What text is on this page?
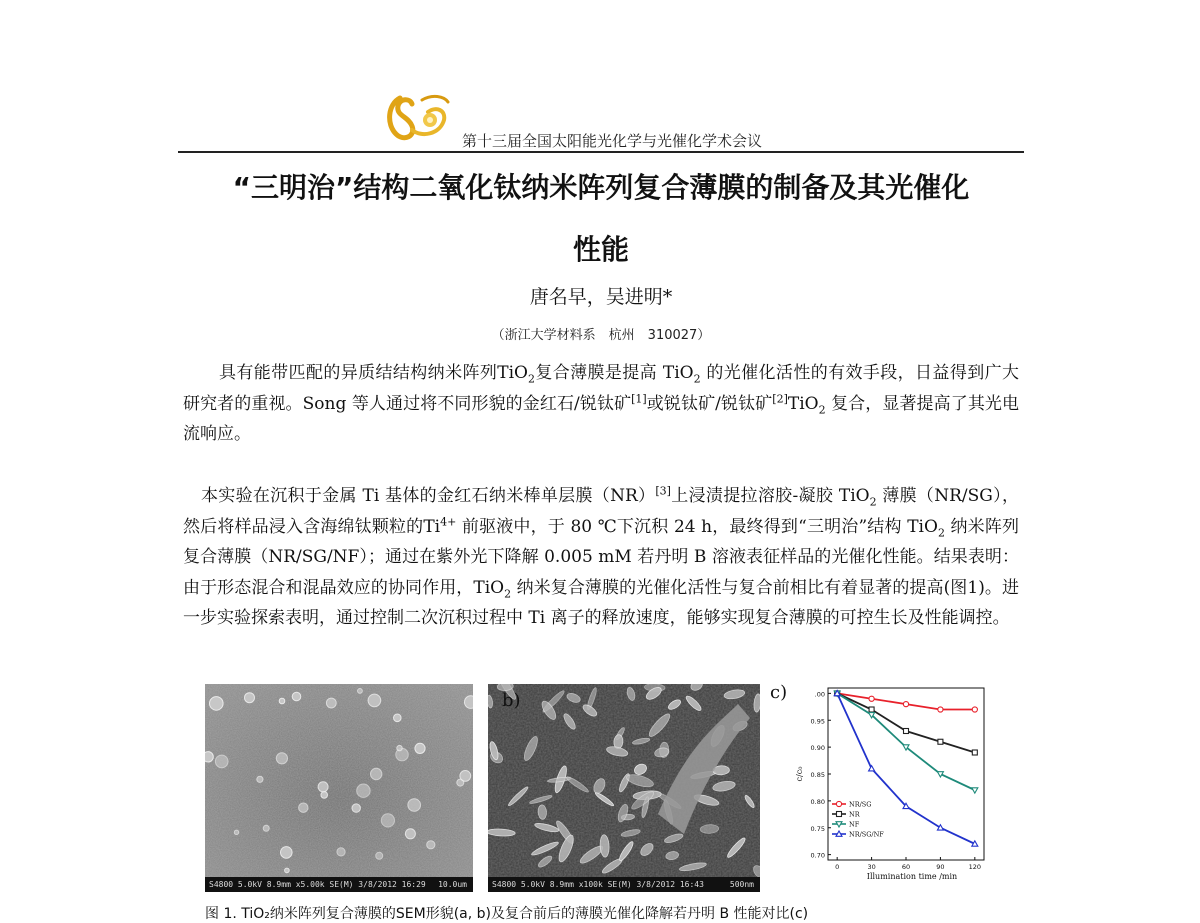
第十三届全国太阳能光化学与光催化学术会议
“三明治”结构二氧化钛纳米阵列复合薄膜的制备及其光催化
性能
唐名早，吴进明*
（浙江大学材料系　杭州　310027）

具有能带匹配的异质结结构纳米阵列TiO$_2$复合薄膜是提高 TiO$_2$ 的光催化活性的有效手段，日益得到广大研究者的重视。Song 等人通过将不同形貌的金红石/锐钛矿[1]或锐钛矿/锐钛矿[2]TiO$_2$ 复合，显著提高了其光电流响应。

本实验在沉积于金属 Ti 基体的金红石纳米棒单层膜（NR）[3]上浸渍提拉溶胶-凝胶 TiO$_2$ 薄膜（NR/SG），然后将样品浸入含海绵钛颗粒的$Ti^{4+}$ 前驱液中，于 80 ℃下沉积 24 h，最终得到“三明治”结构 TiO$_2$ 纳米阵列复合薄膜（NR/SG/NF）；通过在紫外光下降解 0.005 mM 若丹明 B 溶液表征样品的光催化性能。结果表明：由于形态混合和混晶效应的协同作用，TiO$_2$ 纳米复合薄膜的光催化活性与复合前相比有着显著的提高(图1)。进一步实验探索表明，通过控制二次沉积过程中 Ti 离子的释放速度，能够实现复合薄膜的可控生长及性能调控。

S4800 5.0kV 8.9mm x5.00k SE(M) 3/8/2012 16:29 10.0um	S4800 5.0kV 8.9mm x100k SE(M) 3/8/2012 16:43	500nm
b)	c)
0.70
0.75
0.80
0.85
0.90
0.95
.00
0	30	60	90	120
Illumination time /min
c/c₀
NR/SG
NR
NF
NR/SG/NF
图 1. TiO₂纳米阵列复合薄膜的SEM形貌(a, b)及复合前后的薄膜光催化降解若丹明 B 性能对比(c)
